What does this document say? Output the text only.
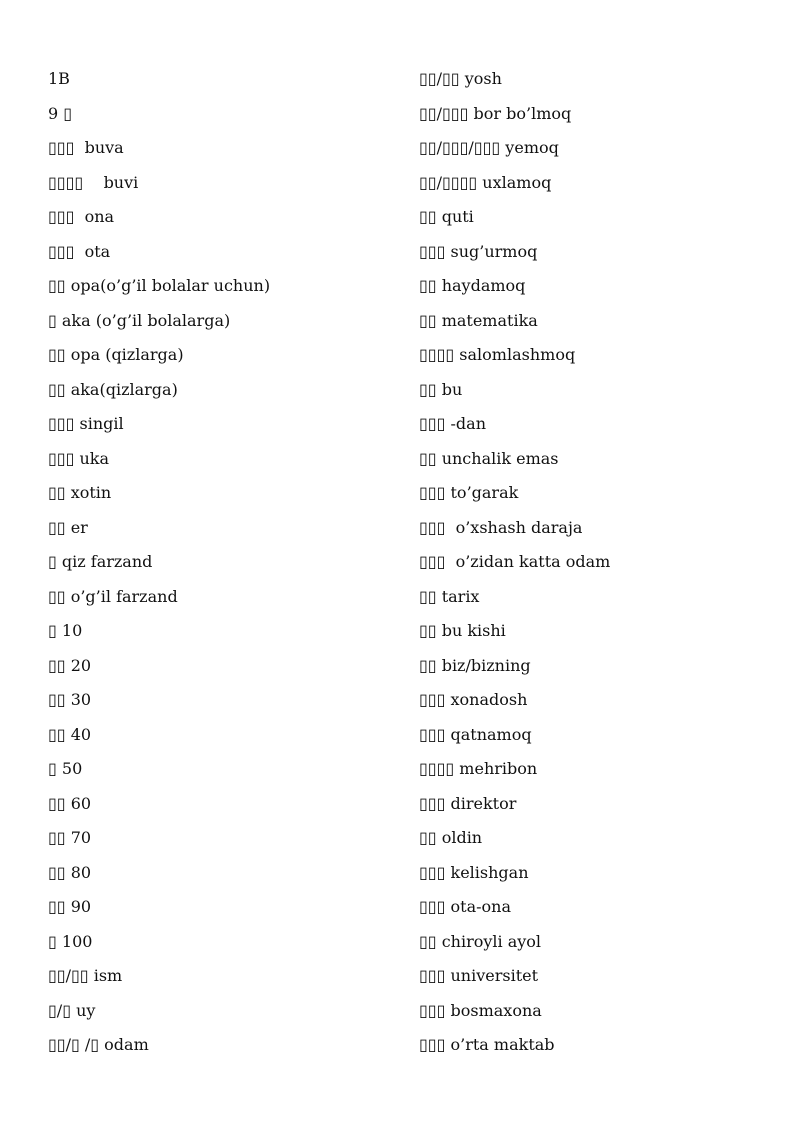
1B
9 ▯
▯▯▯  buva
▯▯▯▯    buvi
▯▯▯  ona
▯▯▯  ota
▯▯ opa(o’g’il bolalar uchun)
▯ aka (o’g’il bolalarga)
▯▯ opa (qizlarga)
▯▯ aka(qizlarga)
▯▯▯ singil
▯▯▯ uka
▯▯ xotin
▯▯ er
▯ qiz farzand
▯▯ o’g’il farzand
▯ 10
▯▯ 20
▯▯ 30
▯▯ 40
▯ 50
▯▯ 60
▯▯ 70
▯▯ 80
▯▯ 90
▯ 100
▯▯/▯▯ ism
▯/▯ uy
▯▯/▯ /▯ odam
▯▯/▯▯ yosh
▯▯/▯▯▯ bor bo’lmoq
▯▯/▯▯▯/▯▯▯ yemoq
▯▯/▯▯▯▯ uxlamoq
▯▯ quti
▯▯▯ sug’urmoq
▯▯ haydamoq
▯▯ matematika
▯▯▯▯ salomlashmoq
▯▯ bu
▯▯▯ -dan
▯▯ unchalik emas
▯▯▯ to’garak
▯▯▯  o’xshash daraja
▯▯▯  o’zidan katta odam
▯▯ tarix
▯▯ bu kishi
▯▯ biz/bizning
▯▯▯ xonadosh
▯▯▯ qatnamoq
▯▯▯▯ mehribon
▯▯▯ direktor
▯▯ oldin
▯▯▯ kelishgan
▯▯▯ ota-ona
▯▯ chiroyli ayol
▯▯▯ universitet
▯▯▯ bosmaxona
▯▯▯ o’rta maktab
